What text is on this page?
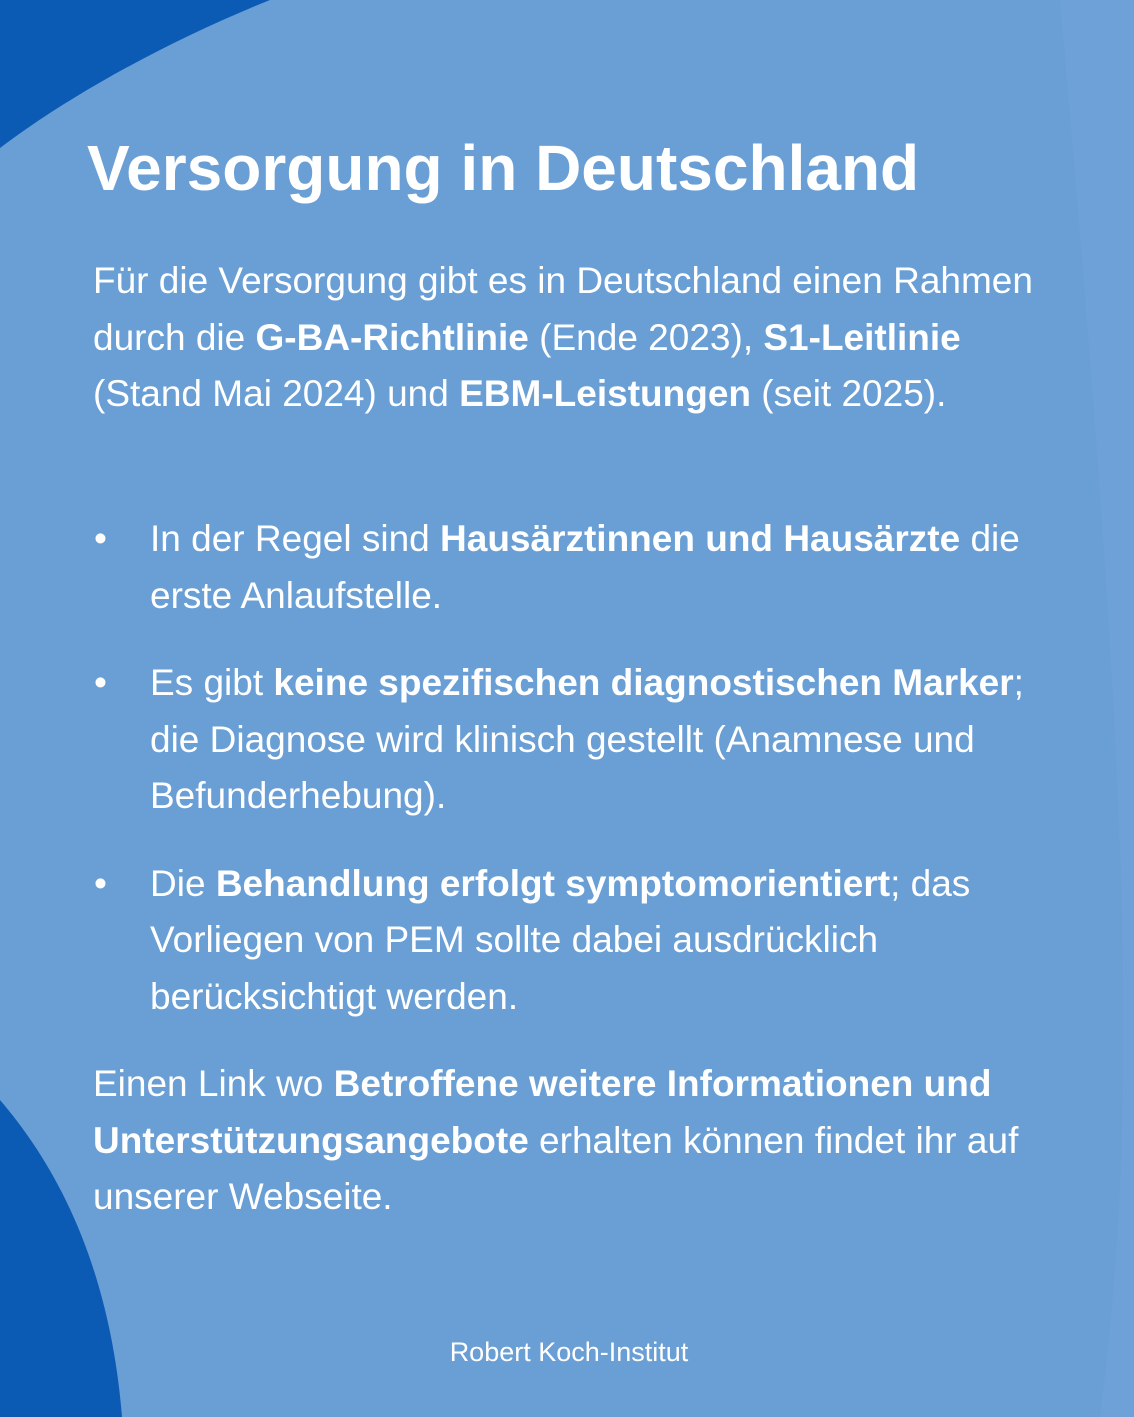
Versorgung in Deutschland

Für die Versorgung gibt es in Deutschland einen Rahmen durch die G-BA-Richtlinie (Ende 2023), S1-Leitlinie (Stand Mai 2024) und EBM-Leistungen (seit 2025).

• In der Regel sind Hausärztinnen und Hausärzte die erste Anlaufstelle.
• Es gibt keine spezifischen diagnostischen Marker; die Diagnose wird klinisch gestellt (Anamnese und Befunderhebung).
• Die Behandlung erfolgt symptomorientiert; das Vorliegen von PEM sollte dabei ausdrücklich berücksichtigt werden.

Einen Link wo Betroffene weitere Informationen und Unterstützungsangebote erhalten können findet ihr auf unserer Webseite.

Robert Koch-Institut
